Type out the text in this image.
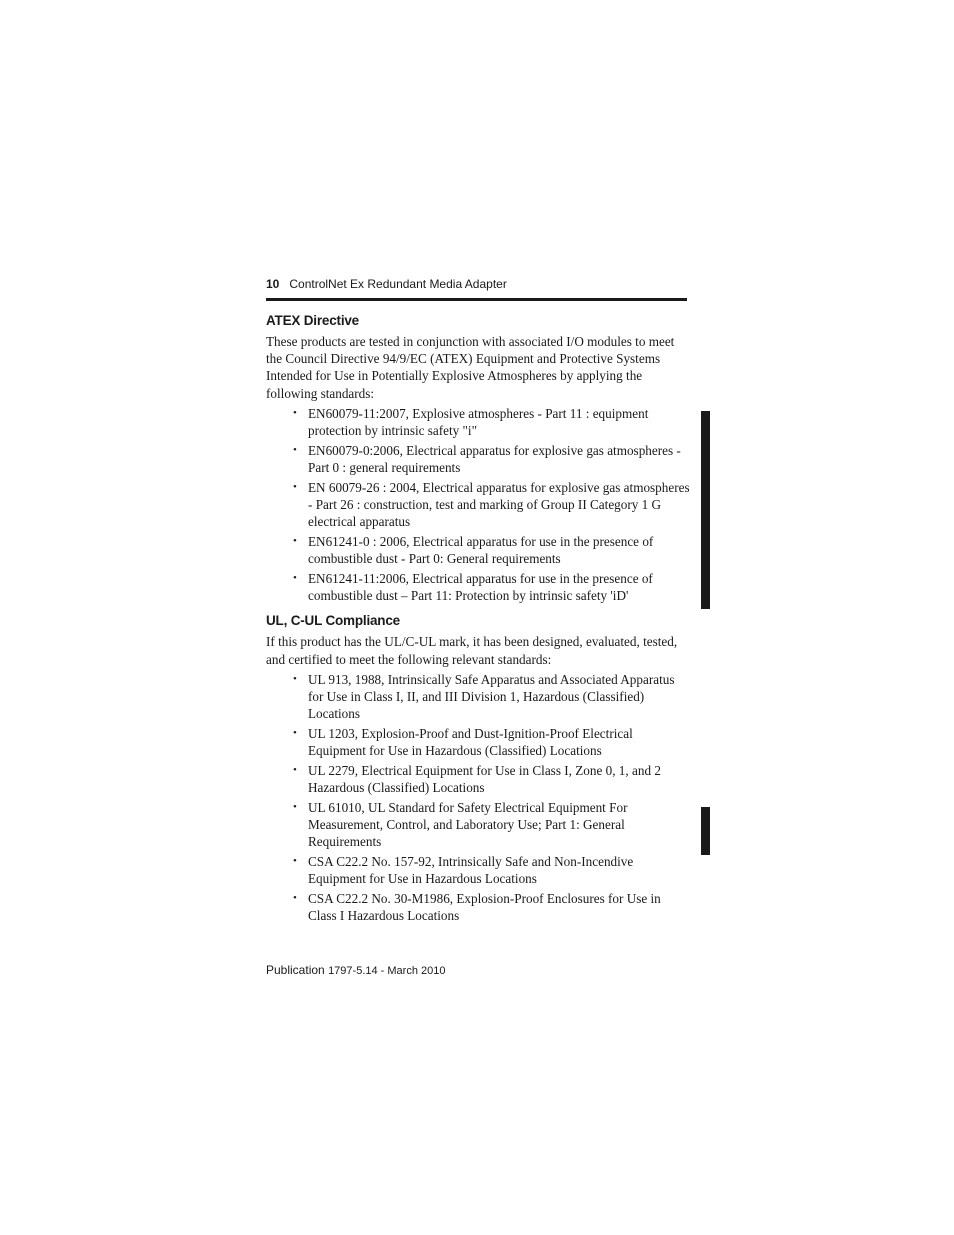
10 ControlNet Ex Redundant Media Adapter
ATEX Directive

These products are tested in conjunction with associated I/O modules to meet the Council Directive 94/9/EC (ATEX) Equipment and Protective Systems Intended for Use in Potentially Explosive Atmospheres by applying the following standards:

• EN60079-11:2007, Explosive atmospheres - Part 11 : equipment protection by intrinsic safety "i"
• EN60079-0:2006, Electrical apparatus for explosive gas atmospheres - Part 0 : general requirements
• EN 60079-26 : 2004, Electrical apparatus for explosive gas atmospheres - Part 26 : construction, test and marking of Group II Category 1 G electrical apparatus
• EN61241-0 : 2006, Electrical apparatus for use in the presence of combustible dust - Part 0: General requirements
• EN61241-11:2006, Electrical apparatus for use in the presence of combustible dust – Part 11: Protection by intrinsic safety 'iD'
UL, C-UL Compliance

If this product has the UL/C-UL mark, it has been designed, evaluated, tested, and certified to meet the following relevant standards:

• UL 913, 1988, Intrinsically Safe Apparatus and Associated Apparatus for Use in Class I, II, and III Division 1, Hazardous (Classified) Locations
• UL 1203, Explosion-Proof and Dust-Ignition-Proof Electrical Equipment for Use in Hazardous (Classified) Locations
• UL 2279, Electrical Equipment for Use in Class I, Zone 0, 1, and 2 Hazardous (Classified) Locations
• UL 61010, UL Standard for Safety Electrical Equipment For Measurement, Control, and Laboratory Use; Part 1: General Requirements
• CSA C22.2 No. 157-92, Intrinsically Safe and Non-Incendive Equipment for Use in Hazardous Locations
• CSA C22.2 No. 30-M1986, Explosion-Proof Enclosures for Use in Class I Hazardous Locations
Publication 1797-5.14 - March 2010
